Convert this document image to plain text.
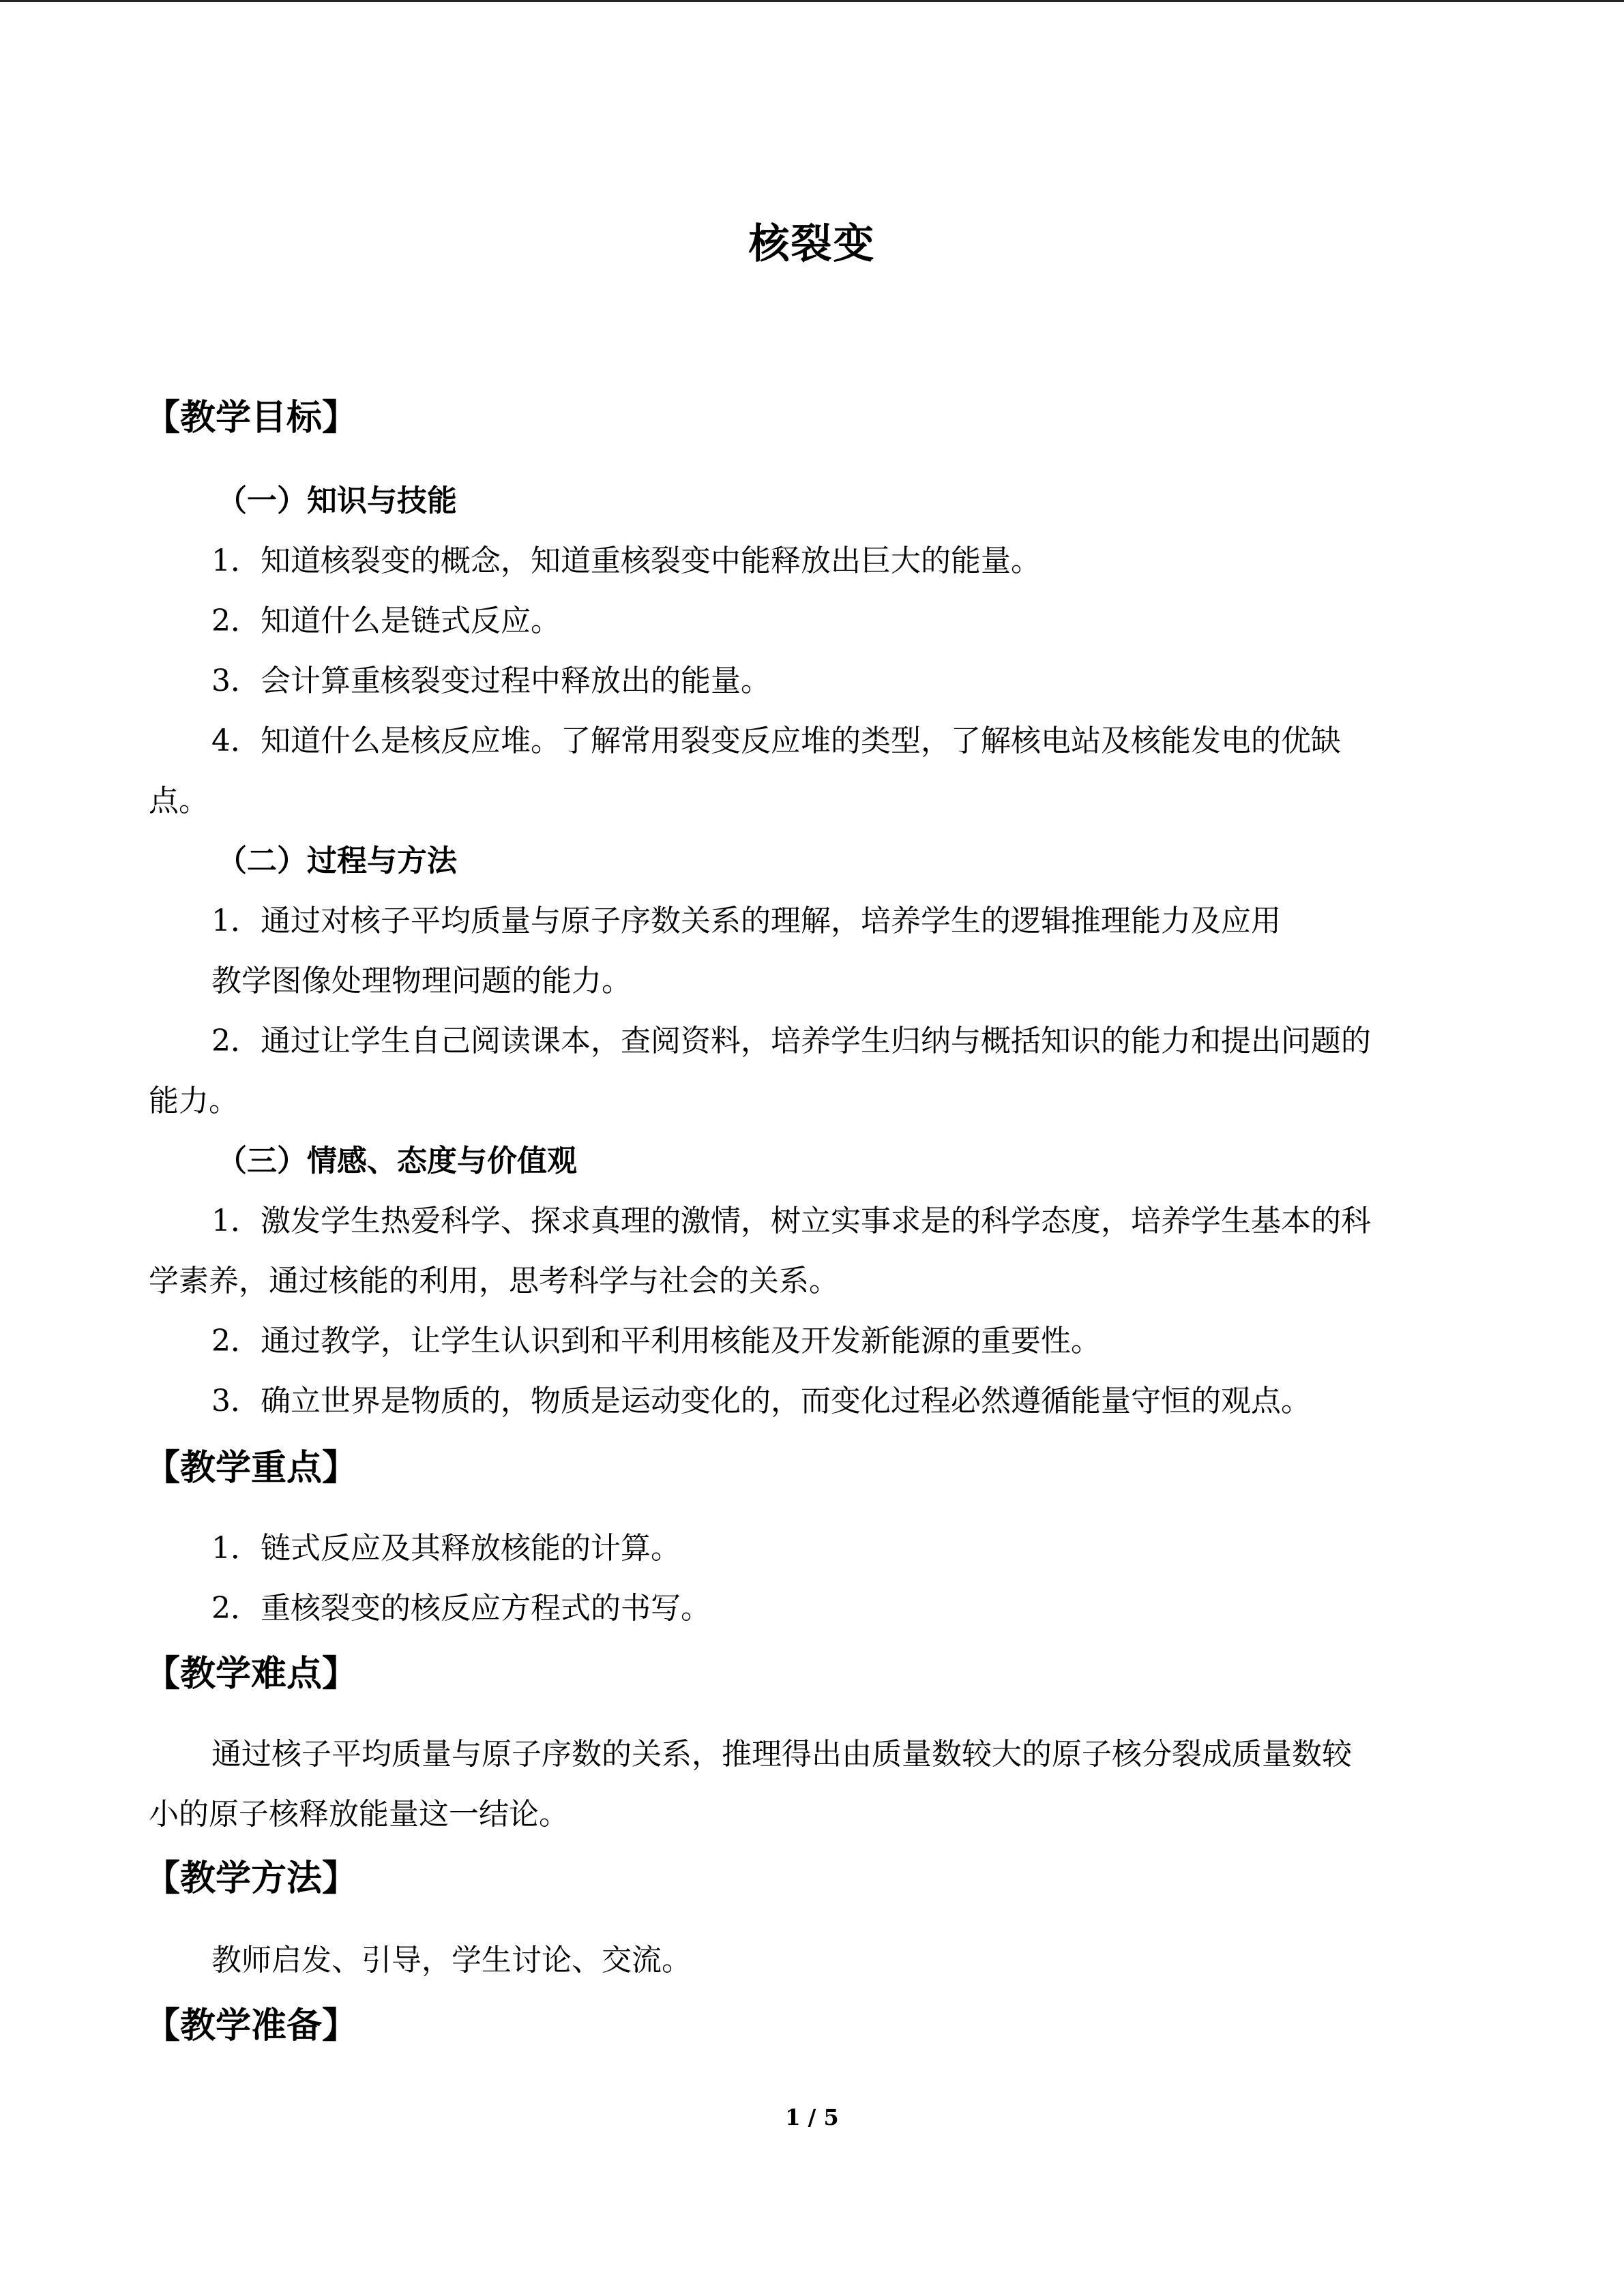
核裂变
【教学目标】
（一）知识与技能
1．知道核裂变的概念，知道重核裂变中能释放出巨大的能量。
2．知道什么是链式反应。
3．会计算重核裂变过程中释放出的能量。
4．知道什么是核反应堆。了解常用裂变反应堆的类型，了解核电站及核能发电的优缺
点。
（二）过程与方法
1．通过对核子平均质量与原子序数关系的理解，培养学生的逻辑推理能力及应用
教学图像处理物理问题的能力。
2．通过让学生自己阅读课本，查阅资料，培养学生归纳与概括知识的能力和提出问题的
能力。
（三）情感、态度与价值观
1．激发学生热爱科学、探求真理的激情，树立实事求是的科学态度，培养学生基本的科
学素养，通过核能的利用，思考科学与社会的关系。
2．通过教学，让学生认识到和平利用核能及开发新能源的重要性。
3．确立世界是物质的，物质是运动变化的，而变化过程必然遵循能量守恒的观点。
【教学重点】
1．链式反应及其释放核能的计算。
2．重核裂变的核反应方程式的书写。
【教学难点】
通过核子平均质量与原子序数的关系，推理得出由质量数较大的原子核分裂成质量数较
小的原子核释放能量这一结论。
【教学方法】
教师启发、引导，学生讨论、交流。
【教学准备】
1 / 5
